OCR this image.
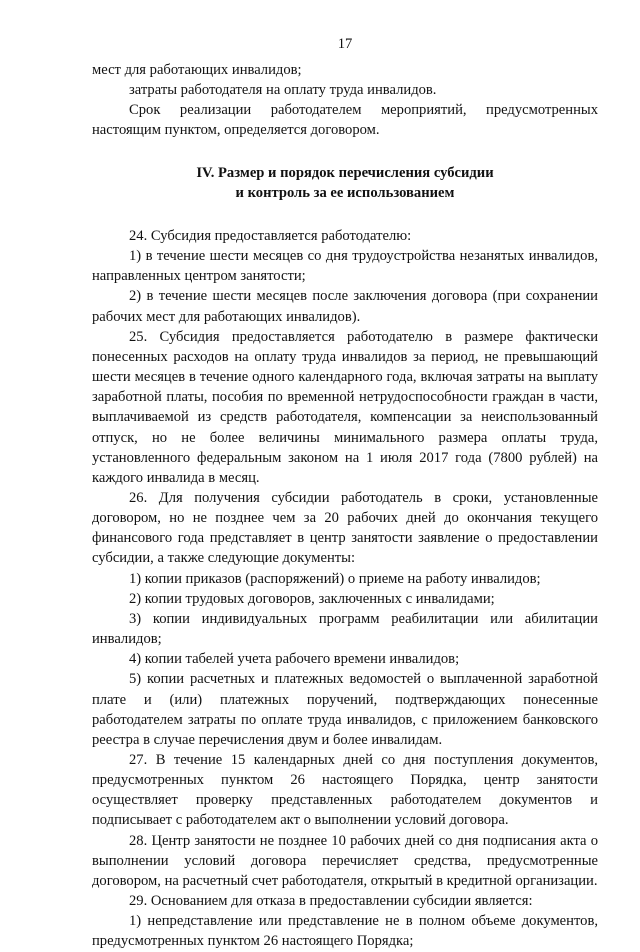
17

мест для работающих инвалидов;

затраты работодателя на оплату труда инвалидов.

Срок реализации работодателем мероприятий, предусмотренных настоящим пунктом, определяется договором.

IV. Размер и порядок перечисления субсидии
и контроль за ее использованием

24. Субсидия предоставляется работодателю:

1) в течение шести месяцев со дня трудоустройства незанятых инвалидов, направленных центром занятости;

2) в течение шести месяцев после заключения договора (при сохранении рабочих мест для работающих инвалидов).

25. Субсидия предоставляется работодателю в размере фактически понесенных расходов на оплату труда инвалидов за период, не превышающий шести месяцев в течение одного календарного года, включая затраты на выплату заработной платы, пособия по временной нетрудоспособности граждан в части, выплачиваемой из средств работодателя, компенсации за неиспользованный отпуск, но не более величины минимального размера оплаты труда, установленного федеральным законом на 1 июля 2017 года (7800 рублей) на каждого инвалида в месяц.

26. Для получения субсидии работодатель в сроки, установленные договором, но не позднее чем за 20 рабочих дней до окончания текущего финансового года представляет в центр занятости заявление о предоставлении субсидии, а также следующие документы:

1) копии приказов (распоряжений) о приеме на работу инвалидов;

2) копии трудовых договоров, заключенных с инвалидами;

3) копии индивидуальных программ реабилитации или абилитации инвалидов;

4) копии табелей учета рабочего времени инвалидов;

5) копии расчетных и платежных ведомостей о выплаченной заработной плате и (или) платежных поручений, подтверждающих понесенные работодателем затраты по оплате труда инвалидов, с приложением банковского реестра в случае перечисления двум и более инвалидам.

27. В течение 15 календарных дней со дня поступления документов, предусмотренных пунктом 26 настоящего Порядка, центр занятости осуществляет проверку представленных работодателем документов и подписывает с работодателем акт о выполнении условий договора.

28. Центр занятости не позднее 10 рабочих дней со дня подписания акта о выполнении условий договора перечисляет средства, предусмотренные договором, на расчетный счет работодателя, открытый в кредитной организации.

29. Основанием для отказа в предоставлении субсидии является:

1) непредставление или представление не в полном объеме документов, предусмотренных пунктом 26 настоящего Порядка;
